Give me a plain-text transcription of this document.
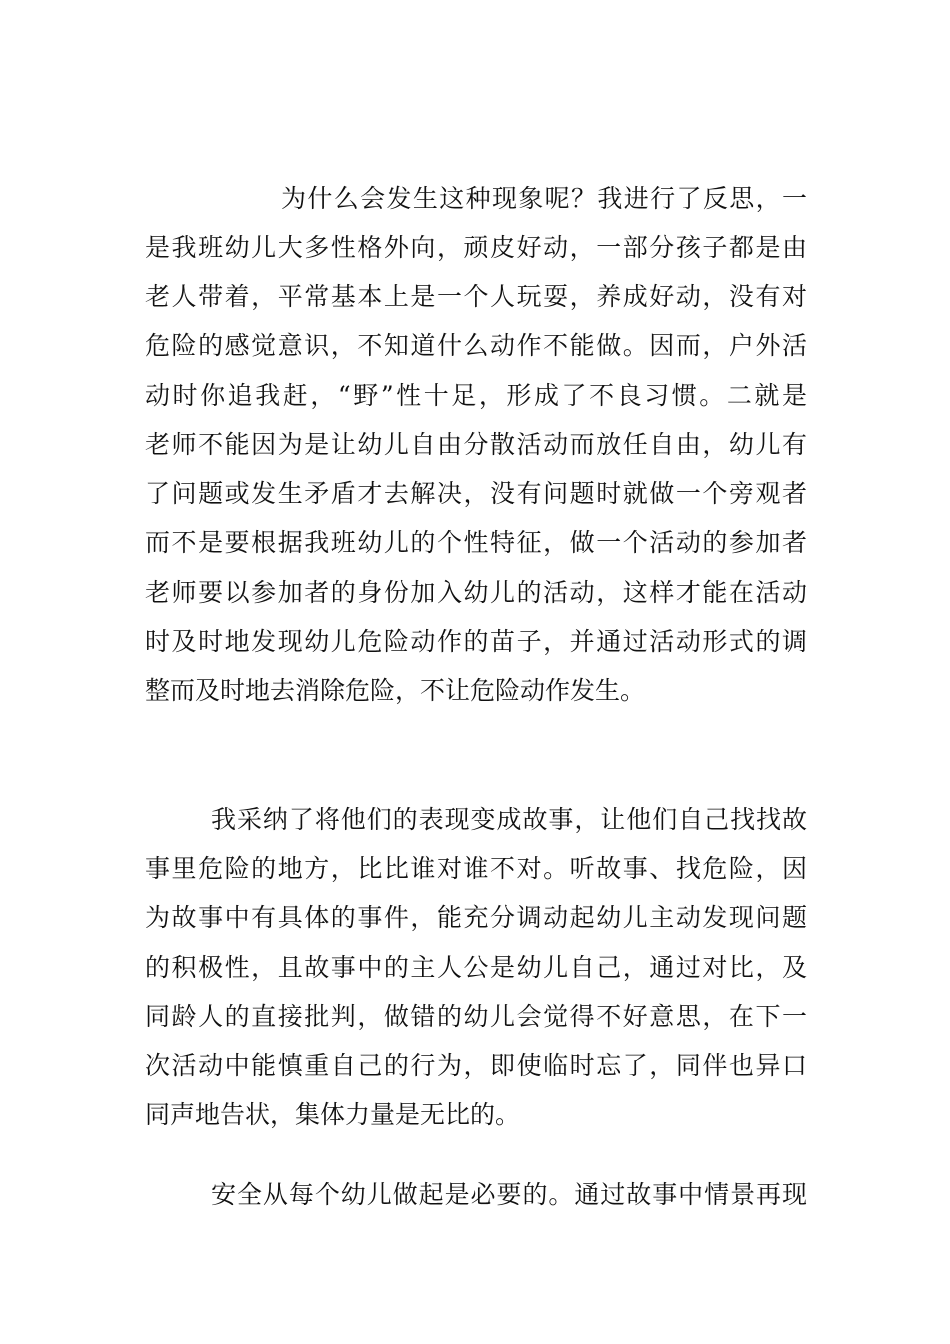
为什么会发生这种现象呢？我进行了反思，一

是我班幼儿大多性格外向，顽皮好动，一部分孩子都是由

老人带着，平常基本上是一个人玩耍，养成好动，没有对

危险的感觉意识，不知道什么动作不能做。因而，户外活

动时你追我赶，“野”性十足，形成了不良习惯。二就是

老师不能因为是让幼儿自由分散活动而放任自由，幼儿有

了问题或发生矛盾才去解决，没有问题时就做一个旁观者

而不是要根据我班幼儿的个性特征，做一个活动的参加者

老师要以参加者的身份加入幼儿的活动，这样才能在活动

时及时地发现幼儿危险动作的苗子，并通过活动形式的调

整而及时地去消除危险，不让危险动作发生。

我采纳了将他们的表现变成故事，让他们自己找找故

事里危险的地方，比比谁对谁不对。听故事、找危险，因

为故事中有具体的事件，能充分调动起幼儿主动发现问题

的积极性，且故事中的主人公是幼儿自己，通过对比，及

同龄人的直接批判，做错的幼儿会觉得不好意思，在下一

次活动中能慎重自己的行为，即使临时忘了，同伴也异口

同声地告状，集体力量是无比的。

安全从每个幼儿做起是必要的。通过故事中情景再现
